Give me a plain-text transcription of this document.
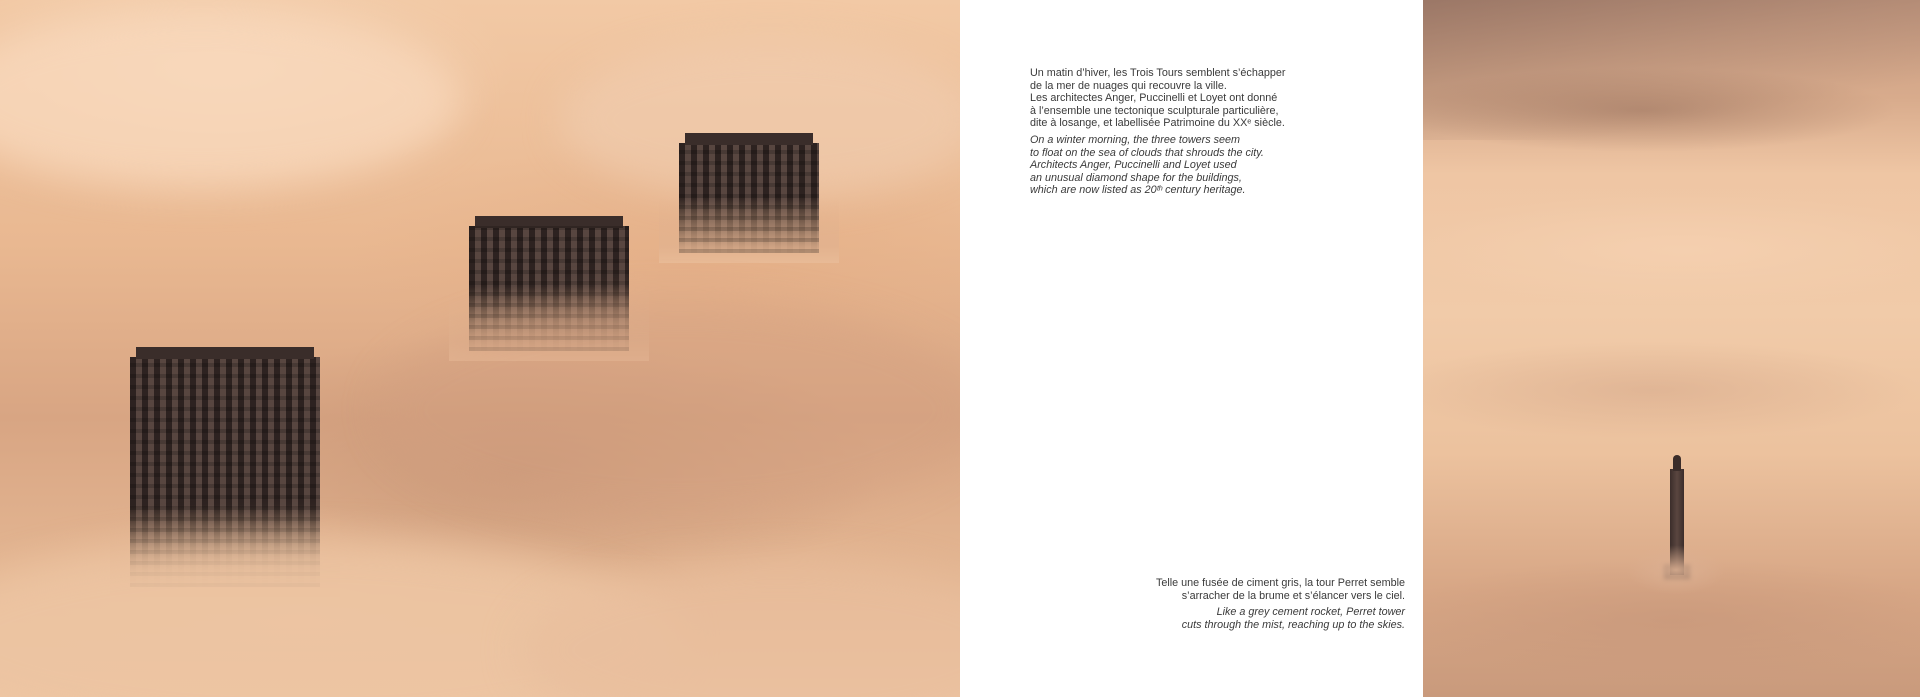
Un matin d’hiver, les Trois Tours semblent s’échapper
de la mer de nuages qui recouvre la ville.
Les architectes Anger, Puccinelli et Loyet ont donné
à l’ensemble une tectonique sculpturale particulière,
dite à losange, et labellisée Patrimoine du XXᵉ siècle.

On a winter morning, the three towers seem
to float on the sea of clouds that shrouds the city.
Architects Anger, Puccinelli and Loyet used
an unusual diamond shape for the buildings,
which are now listed as 20ᵗʰ century heritage.

Telle une fusée de ciment gris, la tour Perret semble
s’arracher de la brume et s’élancer vers le ciel.

Like a grey cement rocket, Perret tower
cuts through the mist, reaching up to the skies.
